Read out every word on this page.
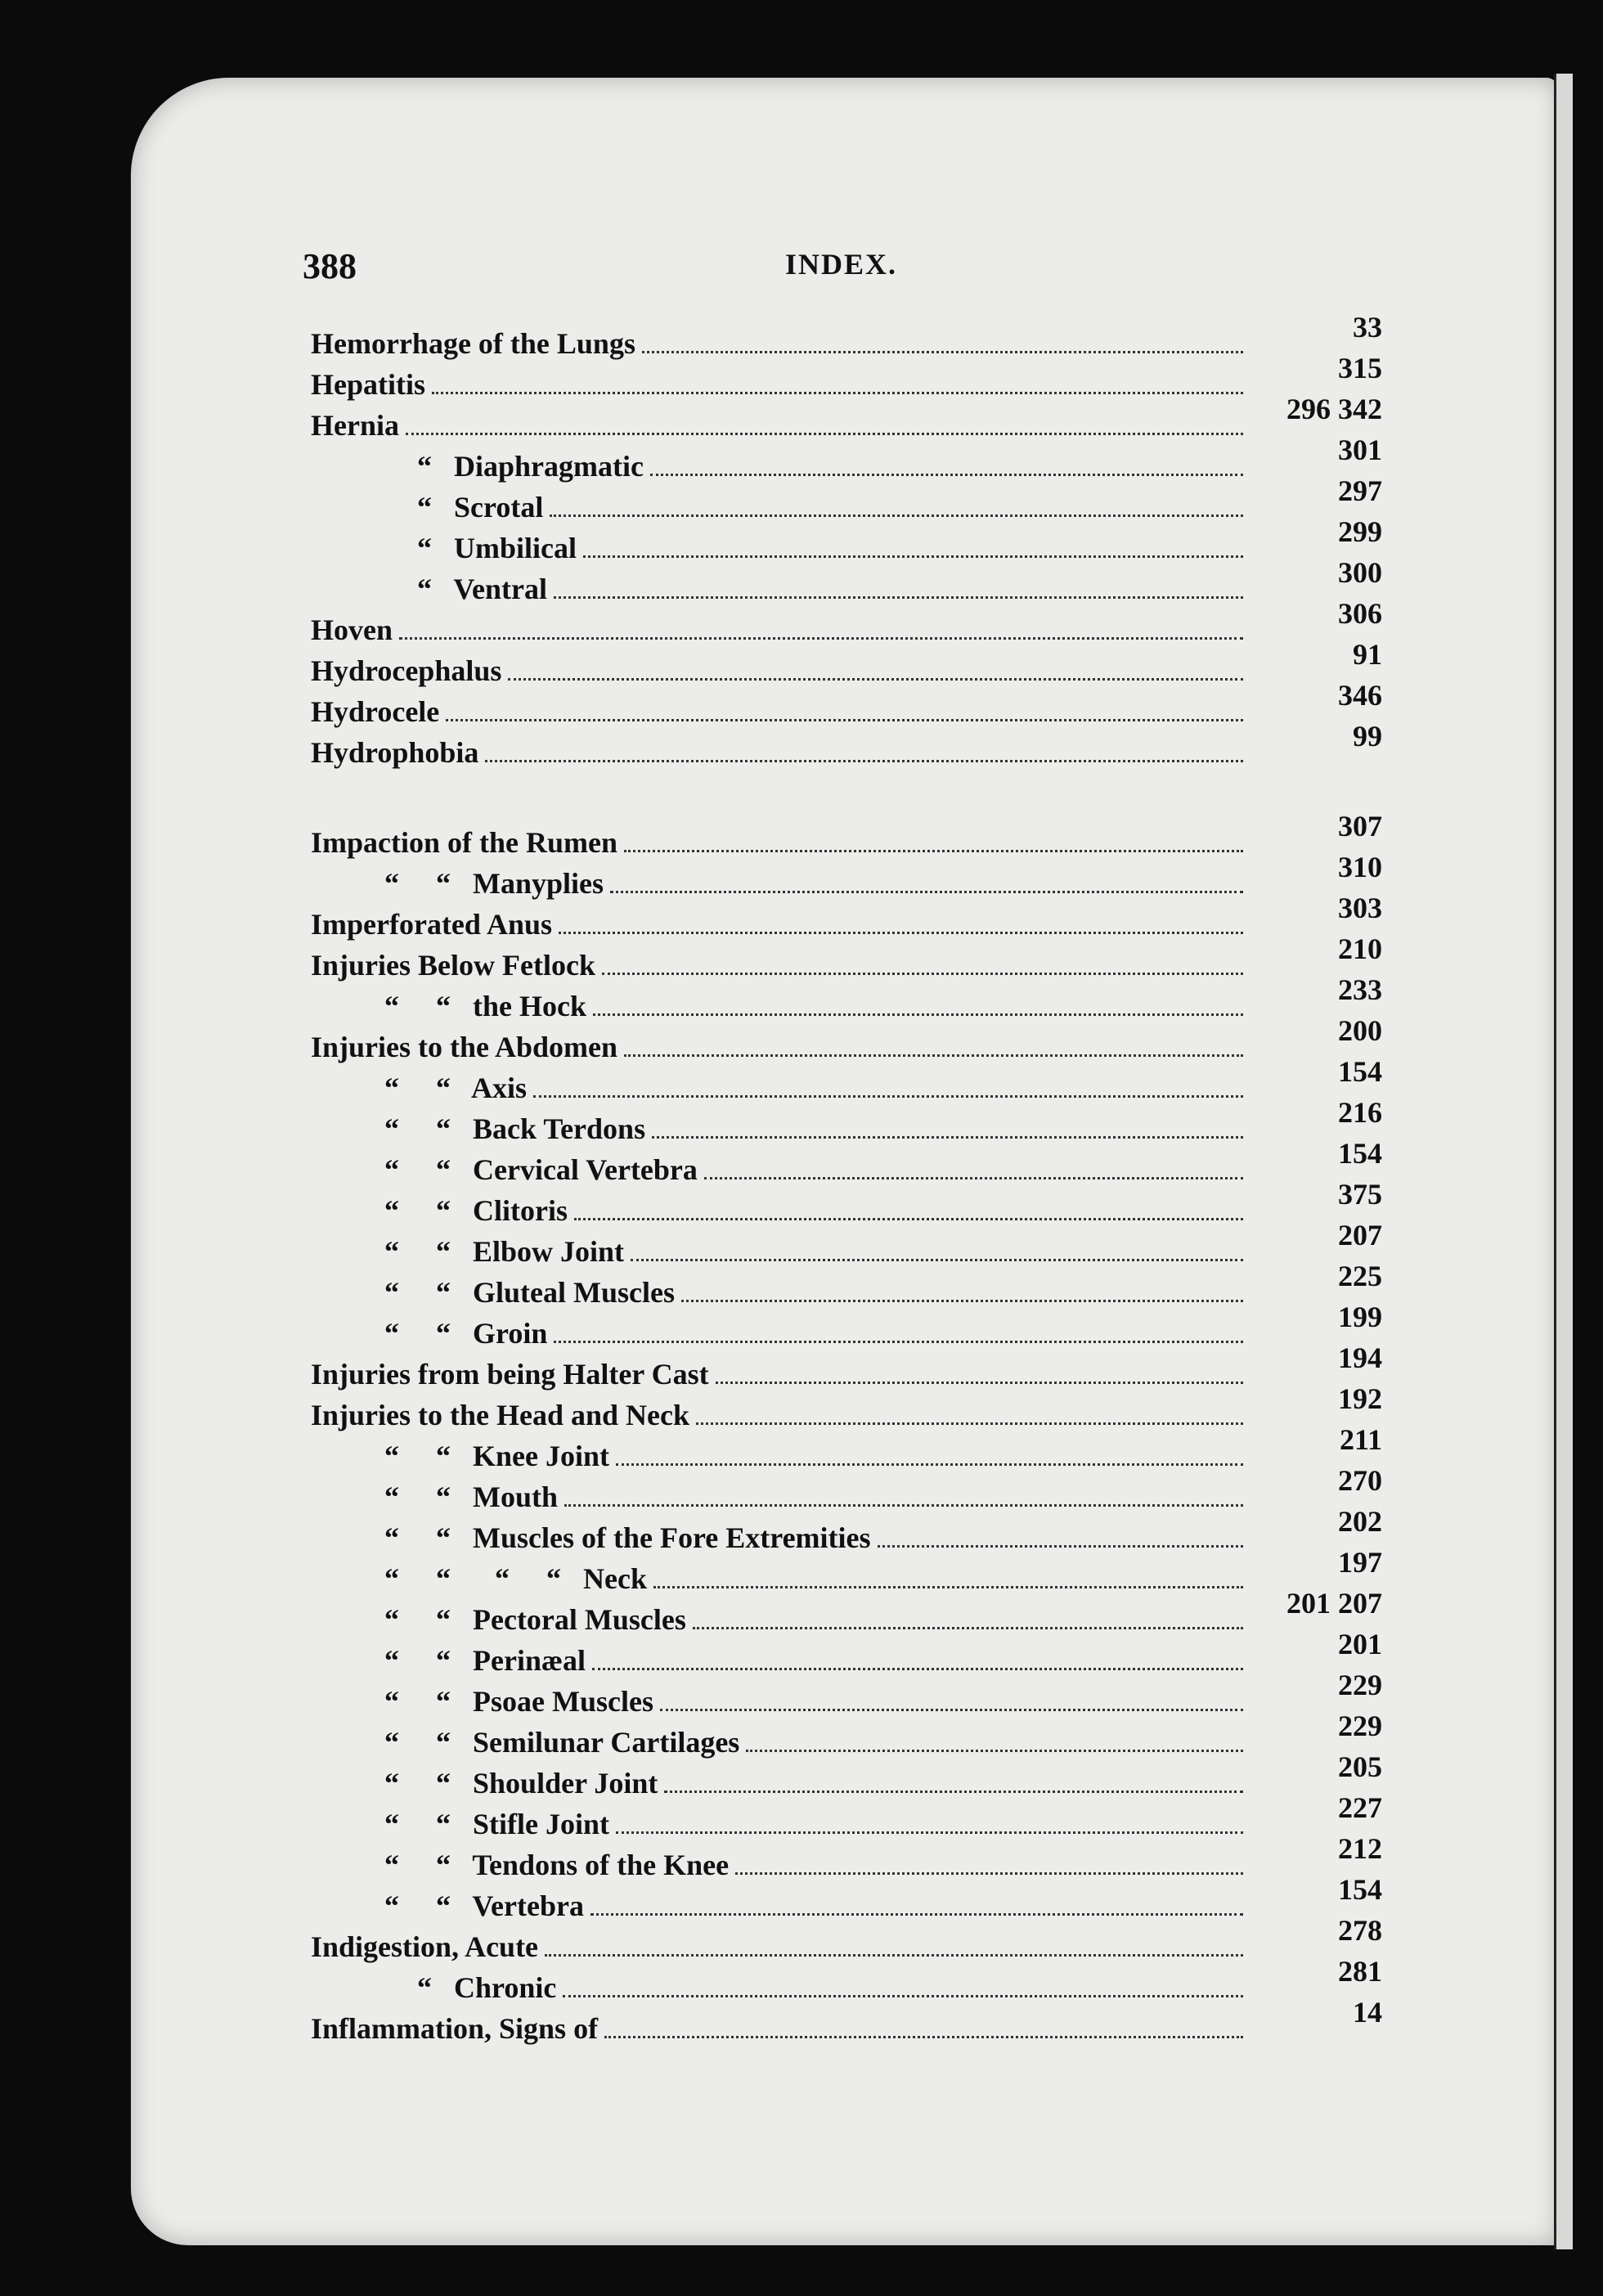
388	INDEX.
Hemorrhage of the Lungs	33
Hepatitis	315
Hernia	296 342
“   Diaphragmatic	301
“   Scrotal	297
“   Umbilical	299
“   Ventral	300
Hoven	306
Hydrocephalus	91
Hydrocele	346
Hydrophobia	99
Impaction of the Rumen	307
“     “   Manyplies	310
Imperforated Anus	303
Injuries Below Fetlock	210
“     “   the Hock	233
Injuries to the Abdomen	200
“     “   Axis	154
“     “   Back Terdons	216
“     “   Cervical Vertebra	154
“     “   Clitoris	375
“     “   Elbow Joint	207
“     “   Gluteal Muscles	225
“     “   Groin	199
Injuries from being Halter Cast	194
Injuries to the Head and Neck	192
“     “   Knee Joint	211
“     “   Mouth	270
“     “   Muscles of the Fore Extremities	202
“     “      “     “   Neck	197
“     “   Pectoral Muscles	201 207
“     “   Perinæal	201
“     “   Psoae Muscles	229
“     “   Semilunar Cartilages	229
“     “   Shoulder Joint	205
“     “   Stifle Joint	227
“     “   Tendons of the Knee	212
“     “   Vertebra	154
Indigestion, Acute	278
“   Chronic	281
Inflammation, Signs of	14
